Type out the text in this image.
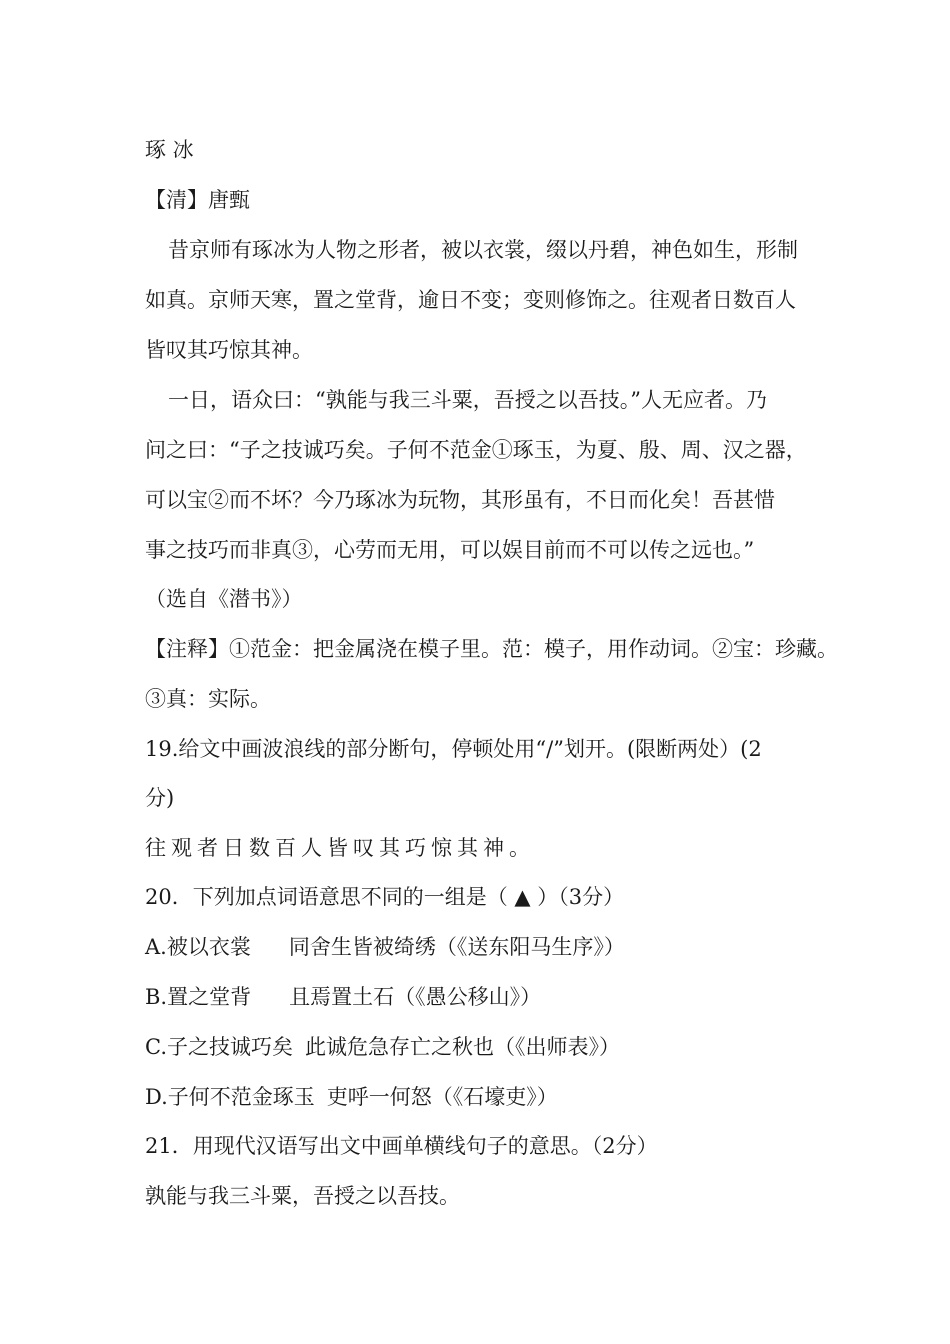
琢 冰
【清】唐甄
昔京师有琢冰为人物之形者，被以衣裳，缀以丹碧，神色如生，形制
如真。京师天寒，置之堂背，逾日不变；变则修饰之。往观者日数百人
皆叹其巧惊其神。
一日，语众曰：“孰能与我三斗粟，吾授之以吾技。”人无应者。乃
问之曰：“子之技诚巧矣。子何不范金①琢玉，为夏、殷、周、汉之器，
可以宝②而不坏？今乃琢冰为玩物，其形虽有，不日而化矣！吾甚惜
事之技巧而非真③，心劳而无用，可以娱目前而不可以传之远也。”
（选自《潜书》）
【注释】①范金：把金属浇在模子里。范：模子，用作动词。②宝：珍藏。
③真：实际。
19.给文中画波浪线的部分断句，停顿处用“/”划开。(限断两处）(2
分)
往观者日数百人皆叹其巧惊其神。
20．下列加点词语意思不同的一组是（ ▲ ）（3分）
A.被以衣裳 同舍生皆被绮绣（《送东阳马生序》）
B.置之堂背 且焉置土石（《愚公移山》）
C.子之技诚巧矣 此诚危急存亡之秋也（《出师表》）
D.子何不范金琢玉 吏呼一何怒（《石壕吏》）
21．用现代汉语写出文中画单横线句子的意思。（2分）
孰能与我三斗粟，吾授之以吾技。
